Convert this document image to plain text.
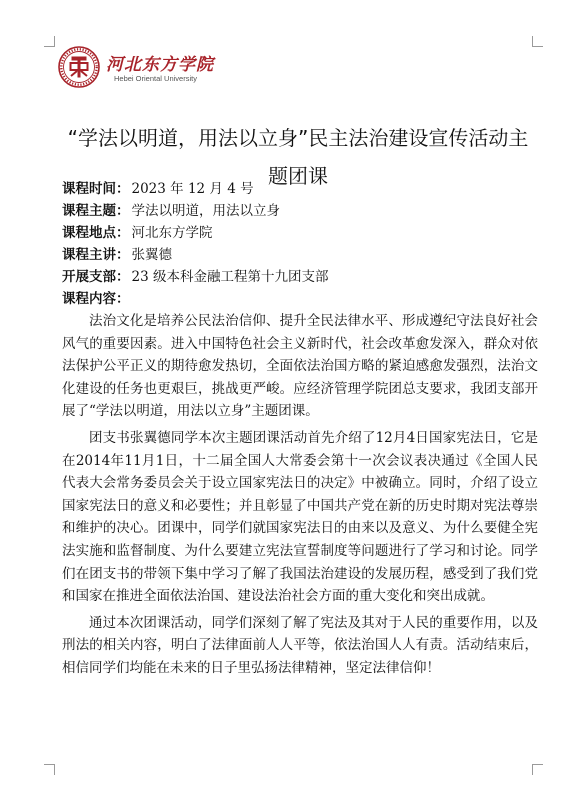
河北东方学院
Hebei Oriental University
“学法以明道，用法以立身”民主法治建设宣传活动主题团课
课程时间： 2023 年 12 月 4 号
课程主题： 学法以明道，用法以立身
课程地点： 河北东方学院
课程主讲： 张翼德
开展支部： 23 级本科金融工程第十九团支部
课程内容：

法治文化是培养公民法治信仰、提升全民法律水平、形成遵纪守法良好社会风气的重要因素。进入中国特色社会主义新时代，社会改革愈发深入，群众对依法保护公平正义的期待愈发热切，全面依法治国方略的紧迫感愈发强烈，法治文化建设的任务也更艰巨，挑战更严峻。应经济管理学院团总支要求，我团支部开展了“学法以明道，用法以立身”主题团课。

团支书张翼德同学本次主题团课活动首先介绍了12月4日国家宪法日，它是在2014年11月1日，十二届全国人大常委会第十一次会议表决通过《全国人民代表大会常务委员会关于设立国家宪法日的决定》中被确立。同时，介绍了设立国家宪法日的意义和必要性；并且彰显了中国共产党在新的历史时期对宪法尊崇和维护的决心。团课中，同学们就国家宪法日的由来以及意义、为什么要健全宪法实施和监督制度、为什么要建立宪法宣誓制度等问题进行了学习和讨论。同学们在团支书的带领下集中学习了解了我国法治建设的发展历程，感受到了我们党和国家在推进全面依法治国、建设法治社会方面的重大变化和突出成就。

通过本次团课活动，同学们深刻了解了宪法及其对于人民的重要作用，以及刑法的相关内容，明白了法律面前人人平等，依法治国人人有责。活动结束后，相信同学们均能在未来的日子里弘扬法律精神，坚定法律信仰！
